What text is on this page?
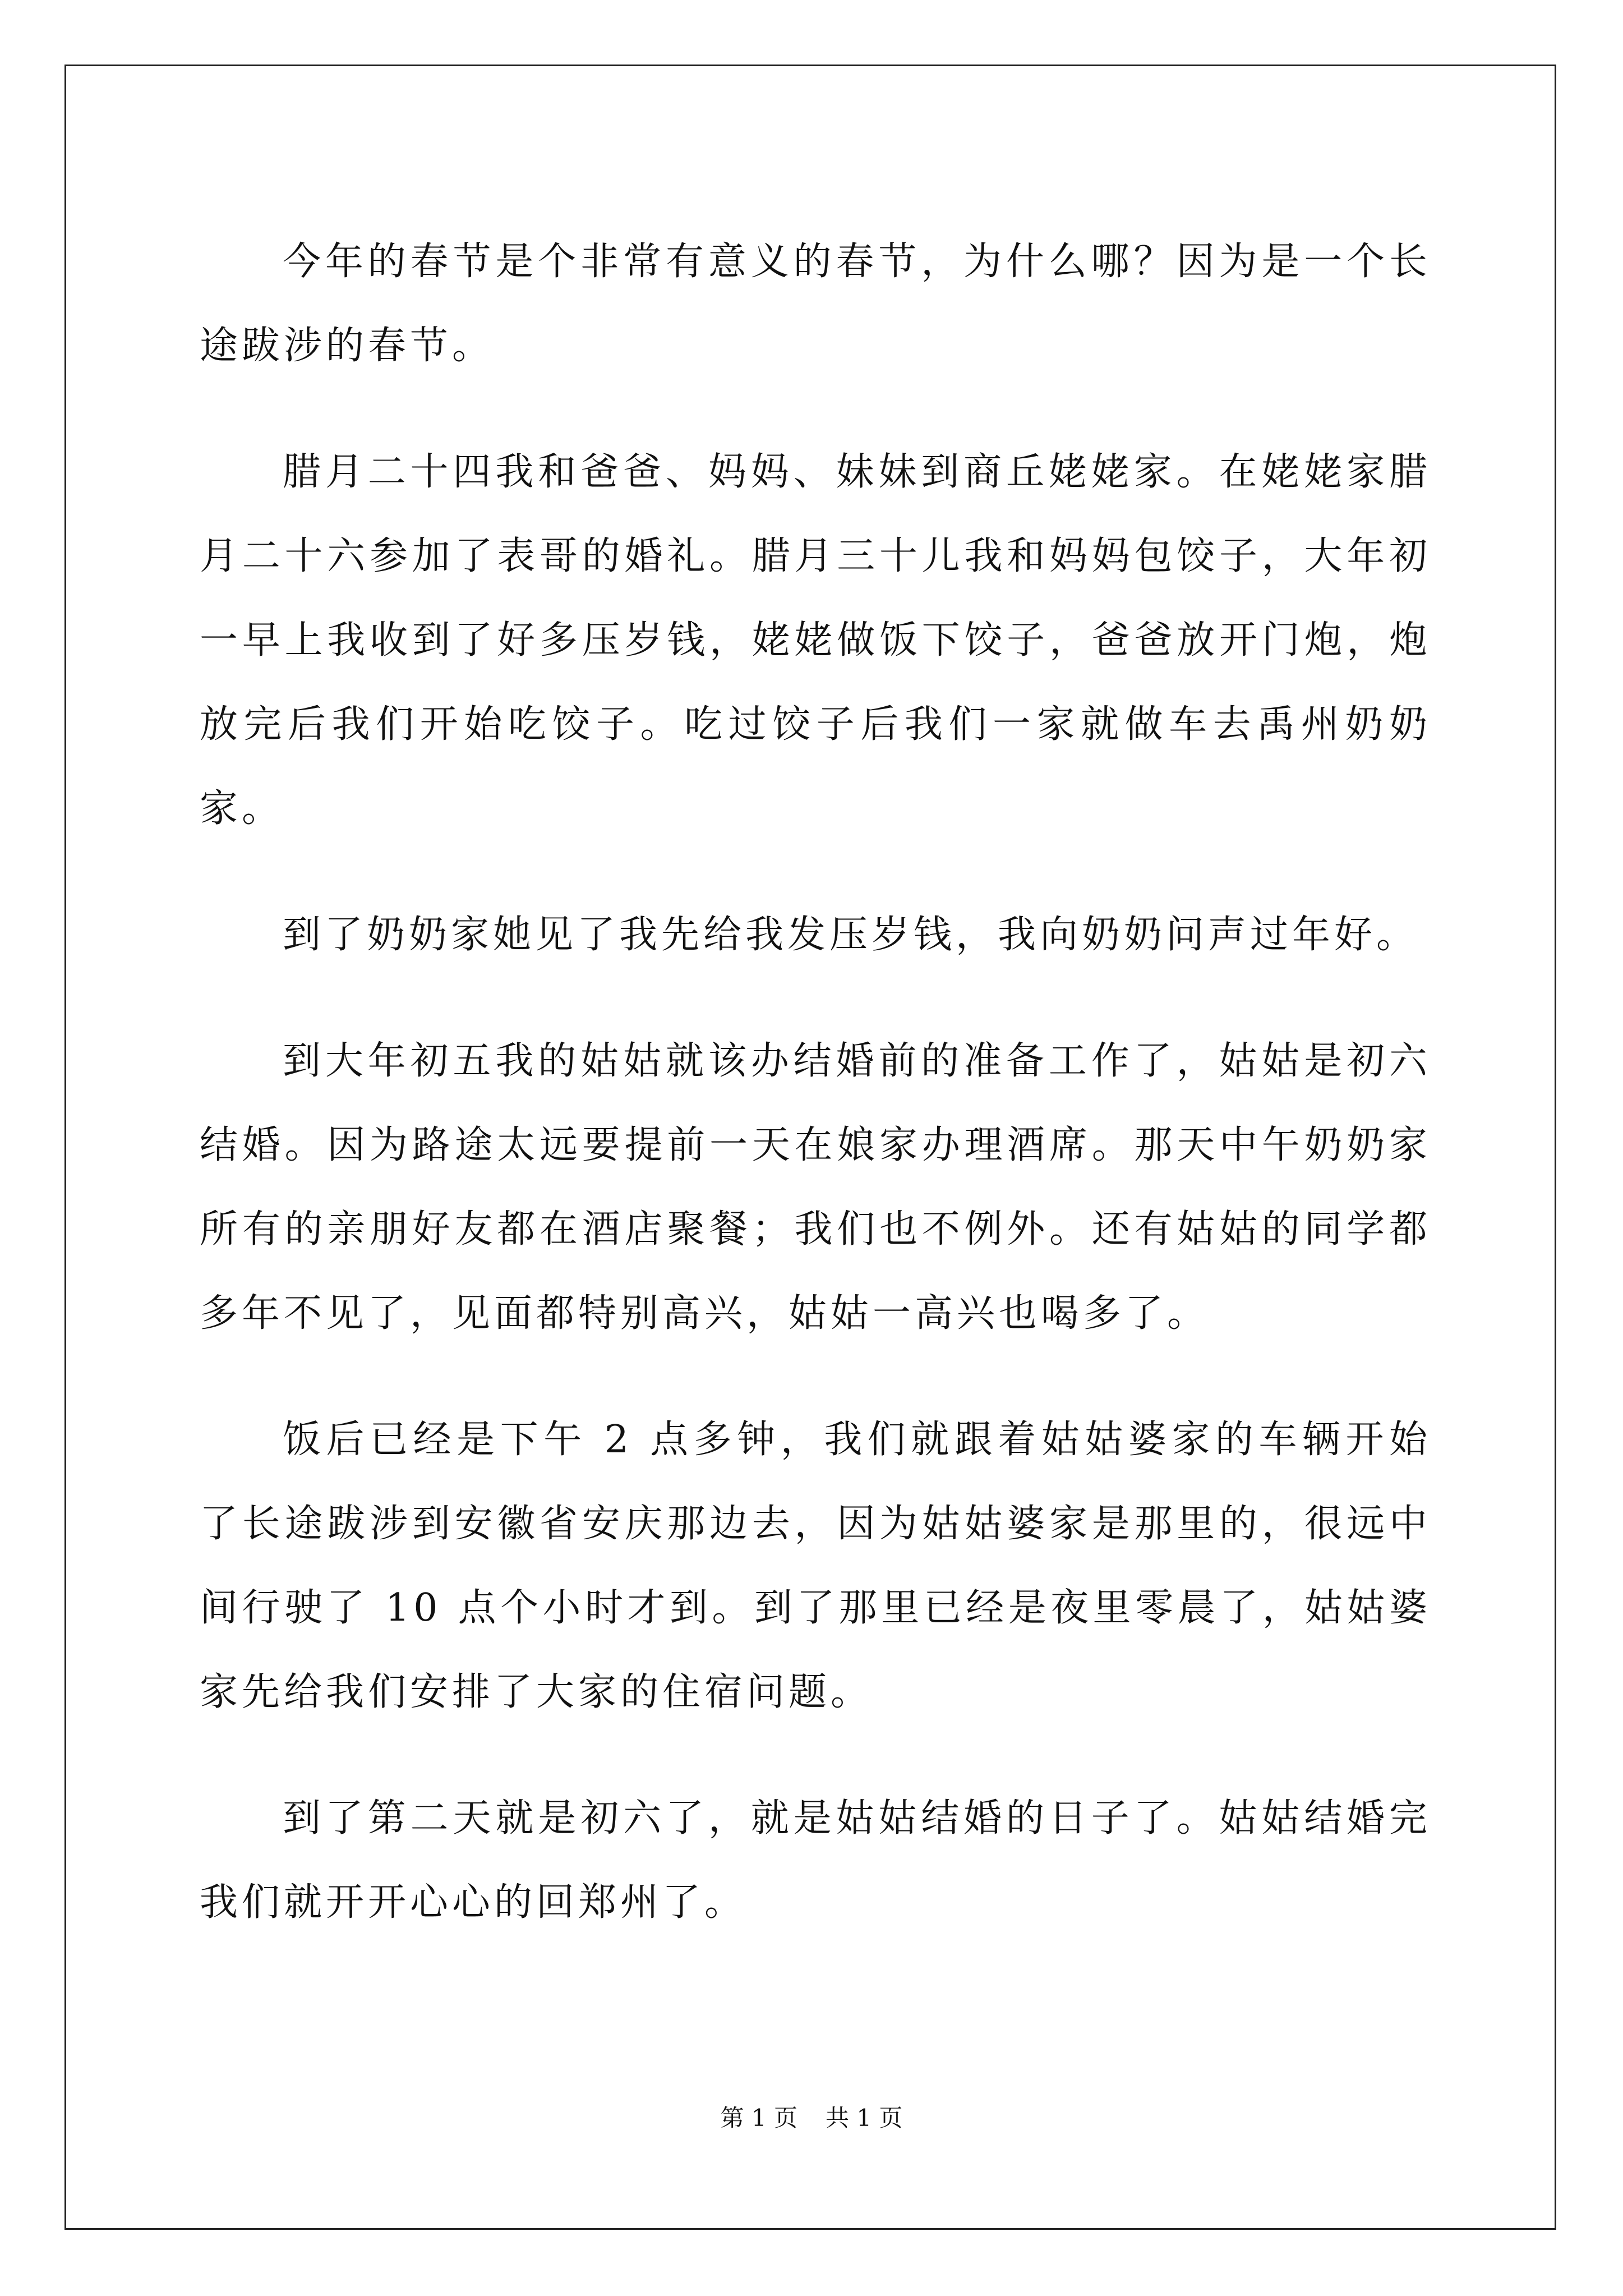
今年的春节是个非常有意义的春节，为什么哪？因为是一个长途跋涉的春节。

腊月二十四我和爸爸、妈妈、妹妹到商丘姥姥家。在姥姥家腊月二十六参加了表哥的婚礼。腊月三十儿我和妈妈包饺子，大年初一早上我收到了好多压岁钱，姥姥做饭下饺子，爸爸放开门炮，炮放完后我们开始吃饺子。吃过饺子后我们一家就做车去禹州奶奶家。

到了奶奶家她见了我先给我发压岁钱，我向奶奶问声过年好。

到大年初五我的姑姑就该办结婚前的准备工作了，姑姑是初六结婚。因为路途太远要提前一天在娘家办理酒席。那天中午奶奶家所有的亲朋好友都在酒店聚餐；我们也不例外。还有姑姑的同学都多年不见了，见面都特别高兴，姑姑一高兴也喝多了。

饭后已经是下午 2 点多钟，我们就跟着姑姑婆家的车辆开始了长途跋涉到安徽省安庆那边去，因为姑姑婆家是那里的，很远中间行驶了 10 点个小时才到。到了那里已经是夜里零晨了，姑姑婆家先给我们安排了大家的住宿问题。

到了第二天就是初六了，就是姑姑结婚的日子了。姑姑结婚完我们就开开心心的回郑州了。

第 1 页 共 1 页
